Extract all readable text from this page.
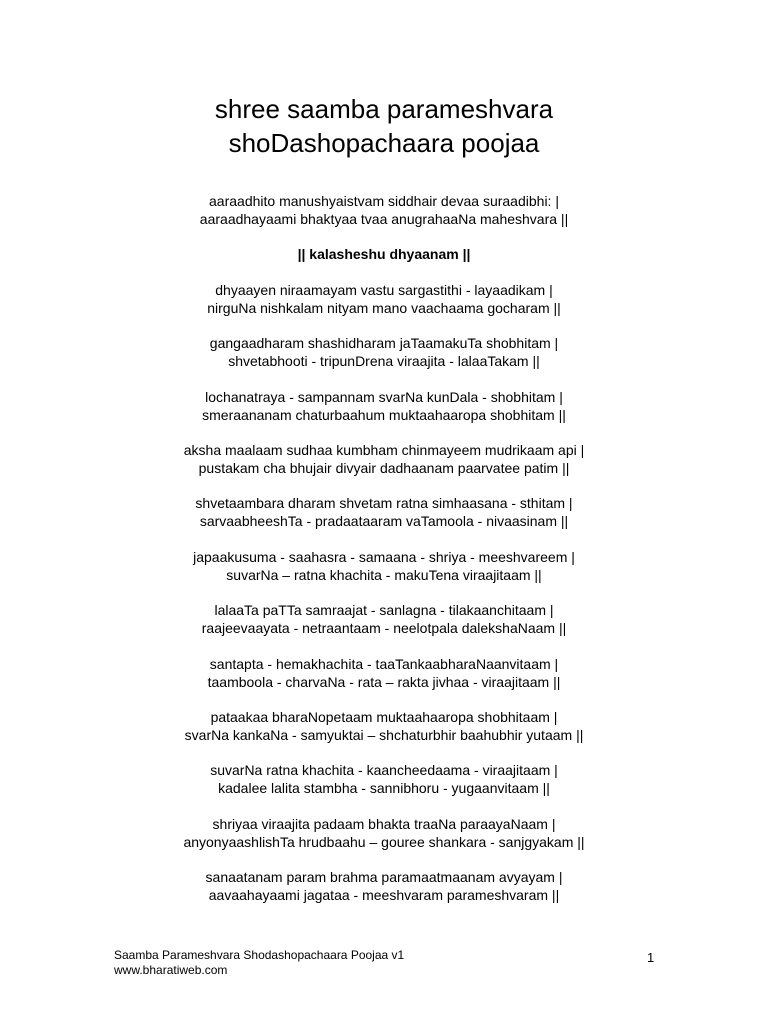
shree saamba parameshvara
shoDashopachaara poojaa
aaraadhito manushyaistvam siddhair devaa suraadibhi: |
aaraadhayaami bhaktyaa tvaa anugrahaaNa maheshvara ||
|| kalasheshu dhyaanam ||
dhyaayen niraamayam vastu sargastithi - layaadikam |
nirguNa nishkalam nityam mano vaachaama gocharam ||
gangaadharam shashidharam jaTaamakuTa shobhitam |
shvetabhooti - tripunDrena viraajita - lalaaTakam ||
lochanatraya - sampannam svarNa kunDala - shobhitam |
smeraananam chaturbaahum muktaahaaropa shobhitam ||
aksha maalaam sudhaa kumbham chinmayeem mudrikaam api |
pustakam cha bhujair divyair dadhaanam paarvatee patim ||
shvetaambara dharam shvetam ratna simhaasana - sthitam |
sarvaabheeshTa - pradaataaram vaTamoola - nivaasinam ||
japaakusuma - saahasra - samaana - shriya - meeshvareem |
suvarNa – ratna khachita - makuTena viraajitaam ||
lalaaTa paTTa samraajat - sanlagna - tilakaanchitaam |
raajeevaayata - netraantaam - neelotpala dalekshaNaam ||
santapta - hemakhachita - taaTankaabharaNaanvitaam |
taamboola - charvaNa - rata – rakta jivhaa - viraajitaam ||
pataakaa bharaNopetaam muktaahaaropa shobhitaam |
svarNa kankaNa - samyuktai – shchaturbhir baahubhir yutaam ||
suvarNa ratna khachita - kaancheedaama - viraajitaam |
kadalee lalita stambha - sannibhoru - yugaanvitaam ||
shriyaa viraajita padaam bhakta traaNa paraayaNaam |
anyonyaashlishTa hrudbaahu – gouree shankara - sanjgyakam ||
sanaatanam param brahma paramaatmaanam avyayam |
aavaahayaami jagataa - meeshvaram parameshvaram ||
Saamba Parameshvara Shodashopachaara Poojaa v1
www.bharatiweb.com
1
